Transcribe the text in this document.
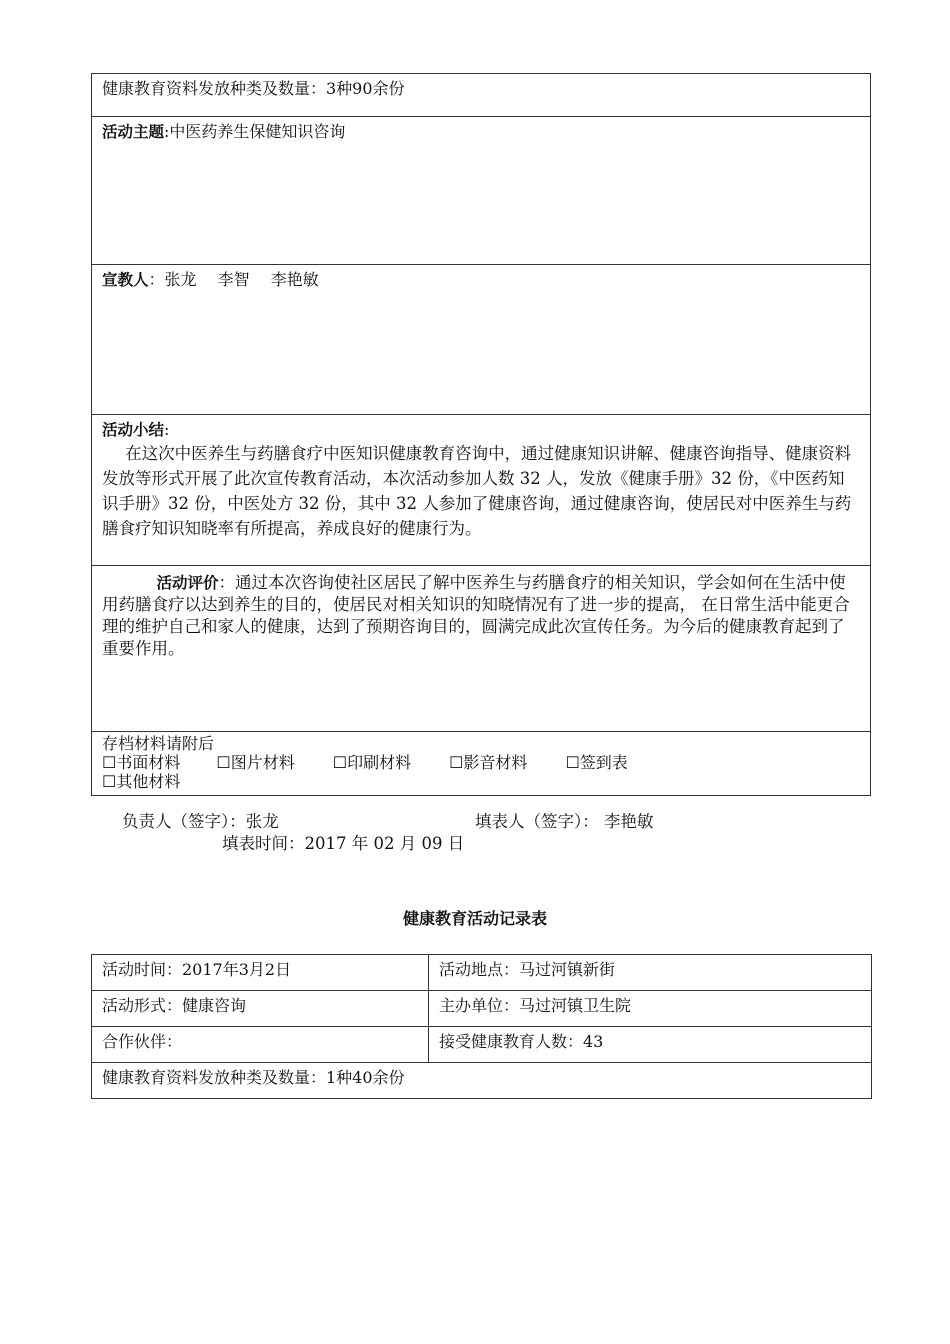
健康教育资料发放种类及数量：3种90余份
活动主题:中医药养生保健知识咨询
宣教人：张龙　 李智　 李艳敏

活动小结:
在这次中医养生与药膳食疗中医知识健康教育咨询中，通过健康知识讲解、健康咨询指导、健康资料发放等形式开展了此次宣传教育活动，本次活动参加人数 32 人，发放《健康手册》32 份，《中医药知识手册》32 份，中医处方 32 份，其中 32 人参加了健康咨询，通过健康咨询，使居民对中医养生与药膳食疗知识知晓率有所提高，养成良好的健康行为。

活动评价：通过本次咨询使社区居民了解中医养生与药膳食疗的相关知识，学会如何在生活中使用药膳食疗以达到养生的目的，使居民对相关知识的知晓情况有了进一步的提高， 在日常生活中能更合理的维护自己和家人的健康，达到了预期咨询目的，圆满完成此次宣传任务。为今后的健康教育起到了重要作用。

存档材料请附后
☐书面材料 ☐图片材料 ☐印刷材料 ☐影音材料 ☐签到表
☐其他材料
负责人（签字）：张龙	填表人（签字）： 李艳敏
填表时间：2017 年 02 月 09 日
健康教育活动记录表
活动时间：2017年3月2日	活动地点：马过河镇新街
活动形式：健康咨询	主办单位：马过河镇卫生院
合作伙伴：	接受健康教育人数：43
健康教育资料发放种类及数量：1种40余份	
